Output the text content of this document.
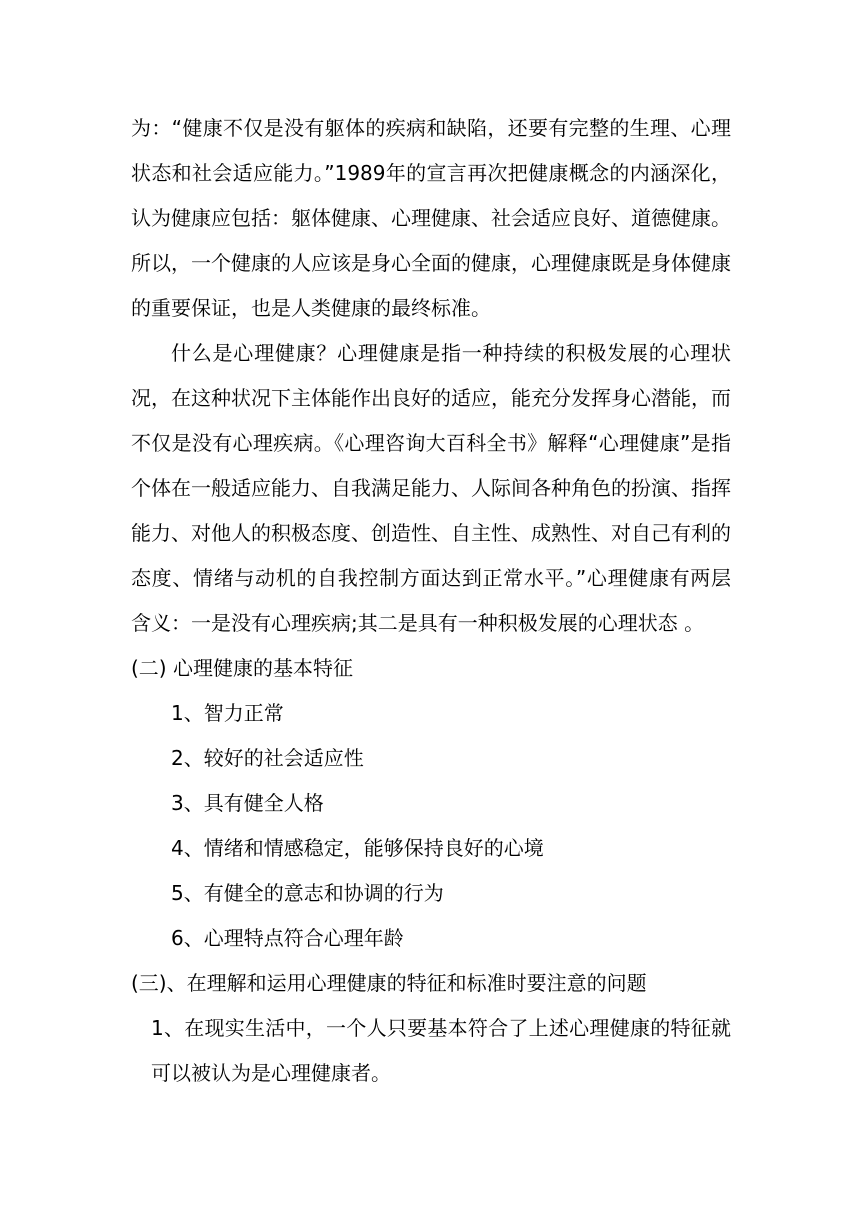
为：“健康不仅是没有躯体的疾病和缺陷，还要有完整的生理、心理状态和社会适应能力。”1989年的宣言再次把健康概念的内涵深化，认为健康应包括：躯体健康、心理健康、社会适应良好、道德健康。所以，一个健康的人应该是身心全面的健康，心理健康既是身体健康的重要保证，也是人类健康的最终标准。

什么是心理健康？心理健康是指一种持续的积极发展的心理状况，在这种状况下主体能作出良好的适应，能充分发挥身心潜能，而不仅是没有心理疾病。《心理咨询大百科全书》解释“心理健康”是指个体在一般适应能力、自我满足能力、人际间各种角色的扮演、指挥能力、对他人的积极态度、创造性、自主性、成熟性、对自己有利的态度、情绪与动机的自我控制方面达到正常水平。”心理健康有两层含义：一是没有心理疾病;其二是具有一种积极发展的心理状态 。

(二) 心理健康的基本特征

1、智力正常

2、较好的社会适应性

3、具有健全人格

4、情绪和情感稳定，能够保持良好的心境

5、有健全的意志和协调的行为

6、心理特点符合心理年龄

(三)、在理解和运用心理健康的特征和标准时要注意的问题

1、在现实生活中，一个人只要基本符合了上述心理健康的特征就可以被认为是心理健康者。
